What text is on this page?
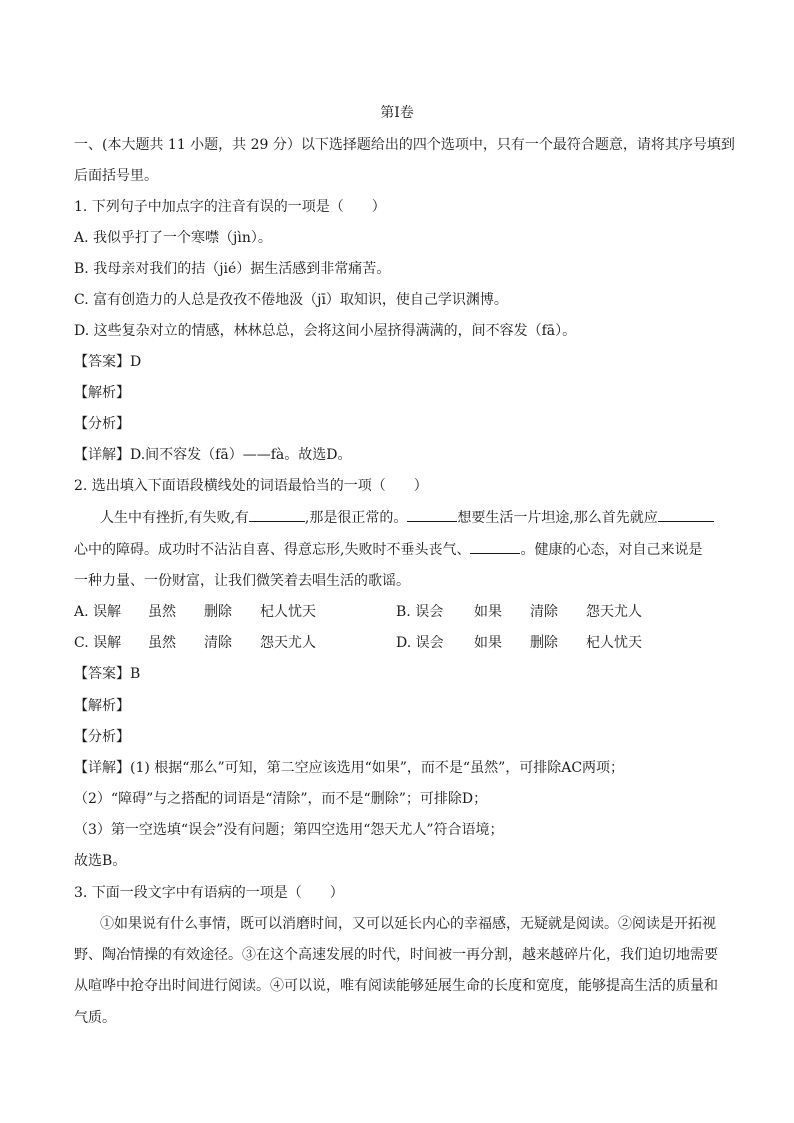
第Ⅰ卷
一、(本大题共 11 小题，共 29 分）以下选择题给出的四个选项中，只有一个最符合题意，请将其序号填到
后面括号里。
1. 下列句子中加点字的注音有误的一项是（　　）
A. 我似乎打了一个寒噤（jìn）。
B. 我母亲对我们的拮（jié）据生活感到非常痛苦。
C. 富有创造力的人总是孜孜不倦地汲（jī）取知识，使自己学识渊博。
D. 这些复杂对立的情感，林林总总，会将这间小屋挤得满满的，间不容发（fā）。
【答案】D
【解析】
【分析】
【详解】D.间不容发（fā）——fà。故选D。
2. 选出填入下面语段横线处的词语最恰当的一项（　　）
人生中有挫折,有失败,有	,那是很正常的。	想要生活一片坦途,那么首先就应
心中的障碍。成功时不沾沾自喜、得意忘形,失败时不垂头丧气、	。健康的心态，对自己来说是
一种力量、一份财富，让我们微笑着去唱生活的歌谣。
A. 误解 虽然 删除 杞人忧天	B. 误会 如果 清除 怨天尤人
C. 误解 虽然 清除 怨天尤人	D. 误会 如果 删除 杞人忧天
【答案】B
【解析】
【分析】
【详解】(1) 根据“那么”可知，第二空应该选用“如果”，而不是“虽然”，可排除AC两项；
（2）“障碍”与之搭配的词语是“清除”，而不是“删除”；可排除D；
（3）第一空选填“误会”没有问题；第四空选用“怨天尤人”符合语境；
故选B。
3. 下面一段文字中有语病的一项是（　　）
①如果说有什么事情，既可以消磨时间，又可以延长内心的幸福感，无疑就是阅读。②阅读是开拓视
野、陶冶情操的有效途径。③在这个高速发展的时代，时间被一再分割，越来越碎片化，我们迫切地需要
从喧哗中抢夺出时间进行阅读。④可以说，唯有阅读能够延展生命的长度和宽度，能够提高生活的质量和
气质。
